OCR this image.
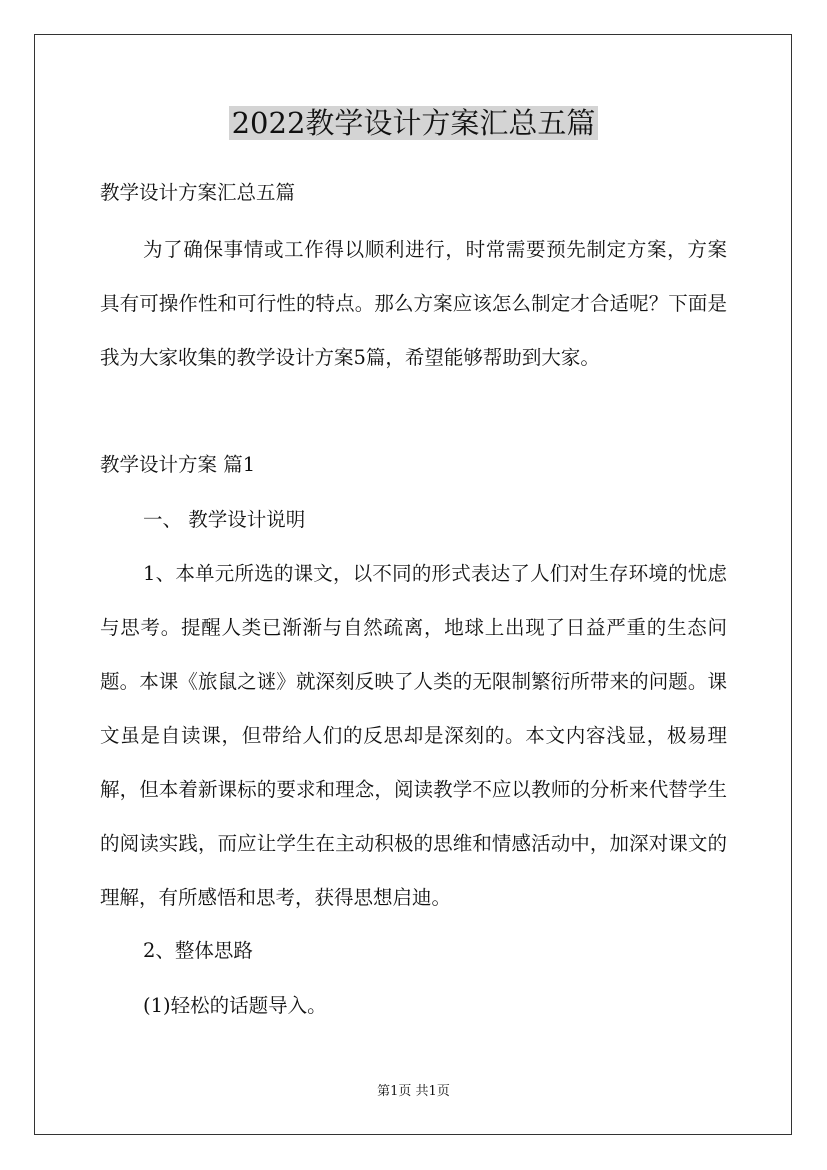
2022教学设计方案汇总五篇
教学设计方案汇总五篇
为了确保事情或工作得以顺利进行，时常需要预先制定方案，方案具有可操作性和可行性的特点。那么方案应该怎么制定才合适呢？下面是我为大家收集的教学设计方案5篇，希望能够帮助到大家。
教学设计方案 篇1
一、 教学设计说明
1、本单元所选的课文，以不同的形式表达了人们对生存环境的忧虑与思考。提醒人类已渐渐与自然疏离，地球上出现了日益严重的生态问题。本课《旅鼠之谜》就深刻反映了人类的无限制繁衍所带来的问题。课文虽是自读课，但带给人们的反思却是深刻的。本文内容浅显，极易理解，但本着新课标的要求和理念，阅读教学不应以教师的分析来代替学生的阅读实践，而应让学生在主动积极的思维和情感活动中，加深对课文的理解，有所感悟和思考，获得思想启迪。
2、整体思路
(1)轻松的话题导入。
第1页 共1页
